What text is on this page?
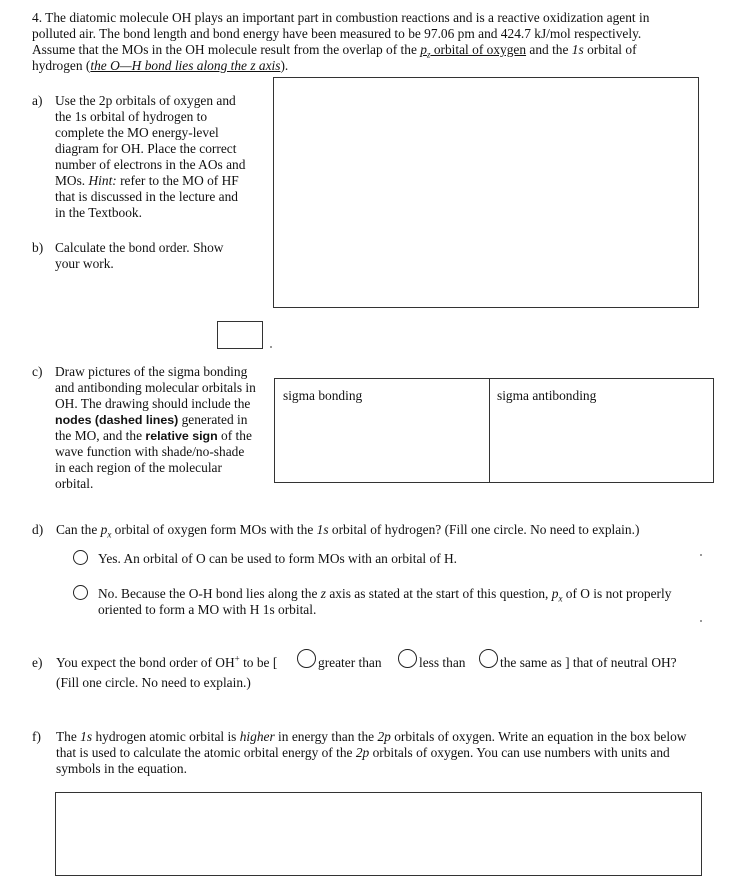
4. The diatomic molecule OH plays an important part in combustion reactions and is a reactive oxidization agent in
polluted air. The bond length and bond energy have been measured to be 97.06 pm and 424.7 kJ/mol respectively.
Assume that the MOs in the OH molecule result from the overlap of the $p_z$ orbital of oxygen and the 1s orbital of
hydrogen (the O—H bond lies along the z axis).
a) Use the 2p orbitals of oxygen and
the 1s orbital of hydrogen to
complete the MO energy-level
diagram for OH. Place the correct
number of electrons in the AOs and
MOs. Hint: refer to the MO of HF
that is discussed in the lecture and
in the Textbook.
b) Calculate the bond order. Show
your work.
c) Draw pictures of the sigma bonding
and antibonding molecular orbitals in
OH. The drawing should include the
nodes (dashed lines) generated in
the MO, and the relative sign of the
wave function with shade/no-shade
in each region of the molecular
orbital.
sigma bonding	sigma antibonding
d) Can the $p_x$ orbital of oxygen form MOs with the 1s orbital of hydrogen? (Fill one circle. No need to explain.)
Yes. An orbital of O can be used to form MOs with an orbital of H.
No. Because the O-H bond lies along the z axis as stated at the start of this question, $p_x$ of O is not properly
oriented to form a MO with H 1s orbital.
e) You expect the bond order of OH+ to be [	greater than	less than	the same as ] that of neutral OH?
(Fill one circle. No need to explain.)
f) The 1s hydrogen atomic orbital is higher in energy than the 2p orbitals of oxygen. Write an equation in the box below
that is used to calculate the atomic orbital energy of the 2p orbitals of oxygen. You can use numbers with units and
symbols in the equation.
